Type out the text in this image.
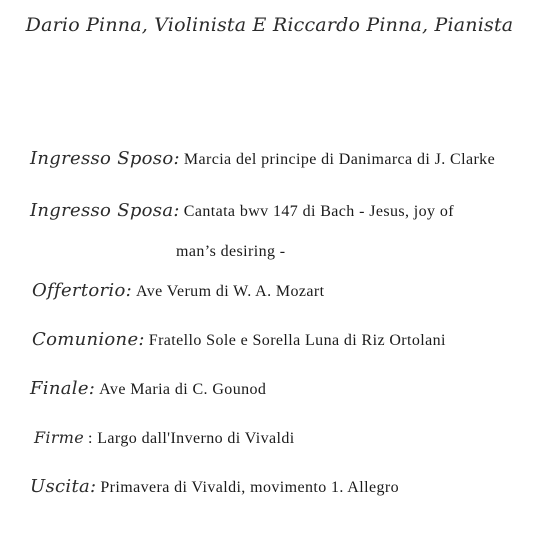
Dario Pinna, Violinista E Riccardo Pinna, Pianista
Ingresso Sposo: Marcia del principe di Danimarca di J. Clarke
Ingresso Sposa: Cantata bwv 147 di Bach - Jesus, joy of
man’s desiring -
Offertorio: Ave Verum di W. A. Mozart
Comunione: Fratello Sole e Sorella Luna di Riz Ortolani
Finale: Ave Maria di C. Gounod
Firme : Largo dall'Inverno di Vivaldi
Uscita: Primavera di Vivaldi, movimento 1. Allegro
